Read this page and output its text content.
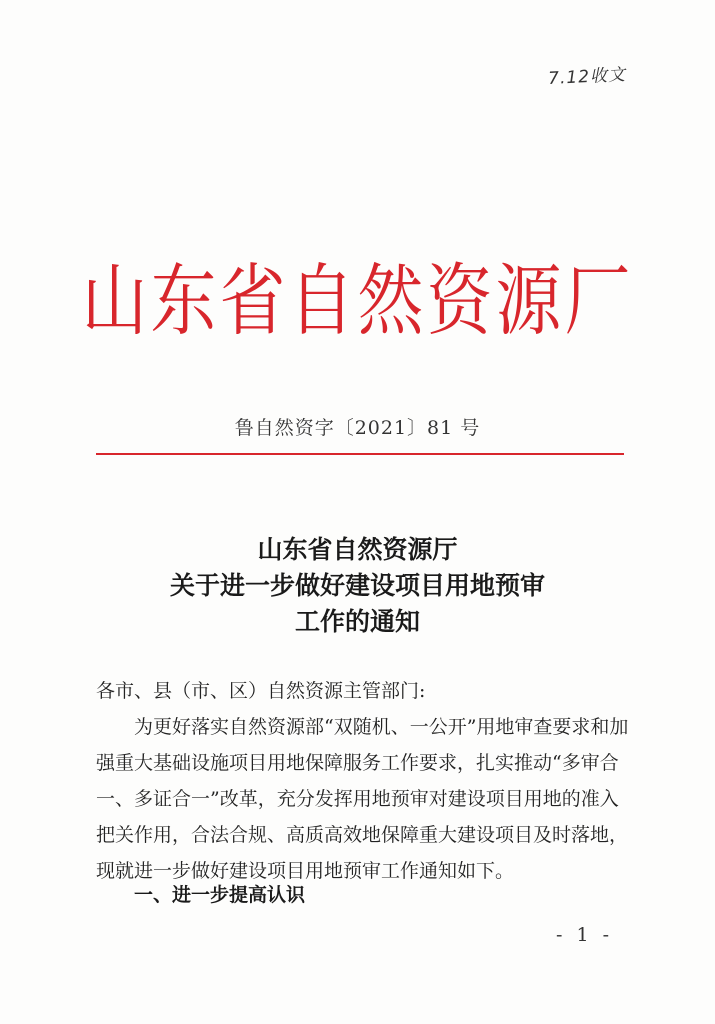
7.12收文
山东省自然资源厂
鲁自然资字〔2021〕81 号
山东省自然资源厅
关于进一步做好建设项目用地预审
工作的通知
各市、县（市、区）自然资源主管部门:
为更好落实自然资源部“双随机、一公开”用地审查要求和加
强重大基础设施项目用地保障服务工作要求，扎实推动“多审合
一、多证合一”改革，充分发挥用地预审对建设项目用地的准入
把关作用，合法合规、高质高效地保障重大建设项目及时落地，
现就进一步做好建设项目用地预审工作通知如下。
一、进一步提高认识
- 1 -
